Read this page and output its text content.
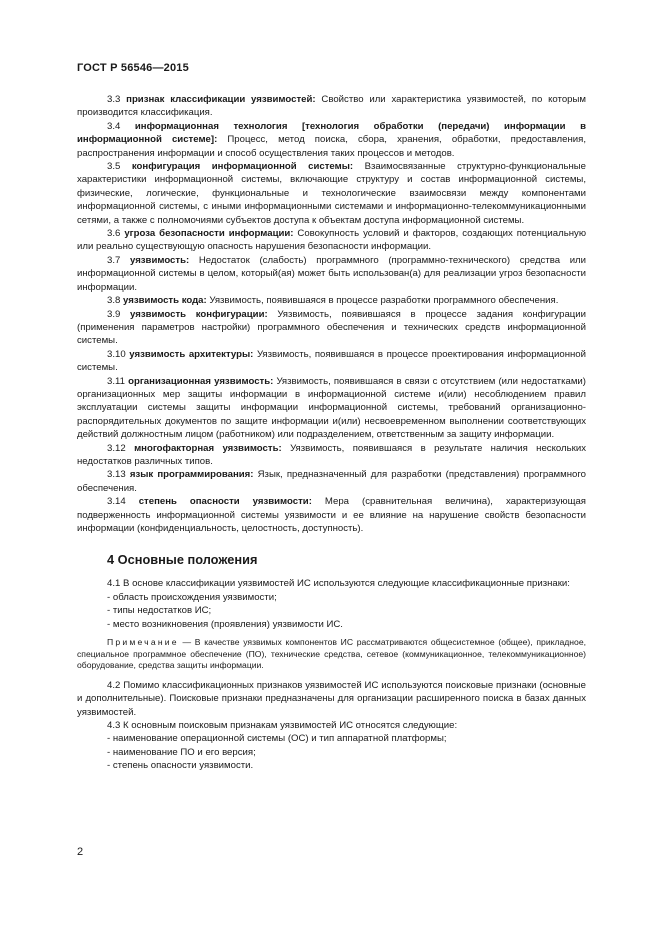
ГОСТ Р 56546—2015

3.3 признак классификации уязвимостей: Свойство или характеристика уязвимостей, по которым производится классификация.

3.4 информационная технология [технология обработки (передачи) информации в информационной системе]: Процесс, метод поиска, сбора, хранения, обработки, предоставления, распространения информации и способ осуществления таких процессов и методов.

3.5 конфигурация информационной системы: Взаимосвязанные структурно-функциональные характеристики информационной системы, включающие структуру и состав информационной системы, физические, логические, функциональные и технологические взаимосвязи между компонентами информационной системы, с иными информационными системами и информационно-телекоммуникационными сетями, а также с полномочиями субъектов доступа к объектам доступа информационной системы.

3.6 угроза безопасности информации: Совокупность условий и факторов, создающих потенциальную или реально существующую опасность нарушения безопасности информации.

3.7 уязвимость: Недостаток (слабость) программного (программно-технического) средства или информационной системы в целом, который(ая) может быть использован(а) для реализации угроз безопасности информации.

3.8 уязвимость кода: Уязвимость, появившаяся в процессе разработки программного обеспечения.

3.9 уязвимость конфигурации: Уязвимость, появившаяся в процессе задания конфигурации (применения параметров настройки) программного обеспечения и технических средств информационной системы.

3.10 уязвимость архитектуры: Уязвимость, появившаяся в процессе проектирования информационной системы.

3.11 организационная уязвимость: Уязвимость, появившаяся в связи с отсутствием (или недостатками) организационных мер защиты информации в информационной системе и(или) несоблюдением правил эксплуатации системы защиты информации информационной системы, требований организационно-распорядительных документов по защите информации и(или) несвоевременном выполнении соответствующих действий должностным лицом (работником) или подразделением, ответственным за защиту информации.

3.12 многофакторная уязвимость: Уязвимость, появившаяся в результате наличия нескольких недостатков различных типов.

3.13 язык программирования: Язык, предназначенный для разработки (представления) программного обеспечения.

3.14 степень опасности уязвимости: Мера (сравнительная величина), характеризующая подверженность информационной системы уязвимости и ее влияние на нарушение свойств безопасности информации (конфиденциальность, целостность, доступность).

4 Основные положения

4.1 В основе классификации уязвимостей ИС используются следующие классификационные признаки:

- область происхождения уязвимости;
- типы недостатков ИС;
- место возникновения (проявления) уязвимости ИС.

Примечание — В качестве уязвимых компонентов ИС рассматриваются общесистемное (общее), прикладное, специальное программное обеспечение (ПО), технические средства, сетевое (коммуникационное, телекоммуникационное) оборудование, средства защиты информации.

4.2 Помимо классификационных признаков уязвимостей ИС используются поисковые признаки (основные и дополнительные). Поисковые признаки предназначены для организации расширенного поиска в базах данных уязвимостей.

4.3 К основным поисковым признакам уязвимостей ИС относятся следующие:

- наименование операционной системы (ОС) и тип аппаратной платформы;
- наименование ПО и его версия;
- степень опасности уязвимости.
2
